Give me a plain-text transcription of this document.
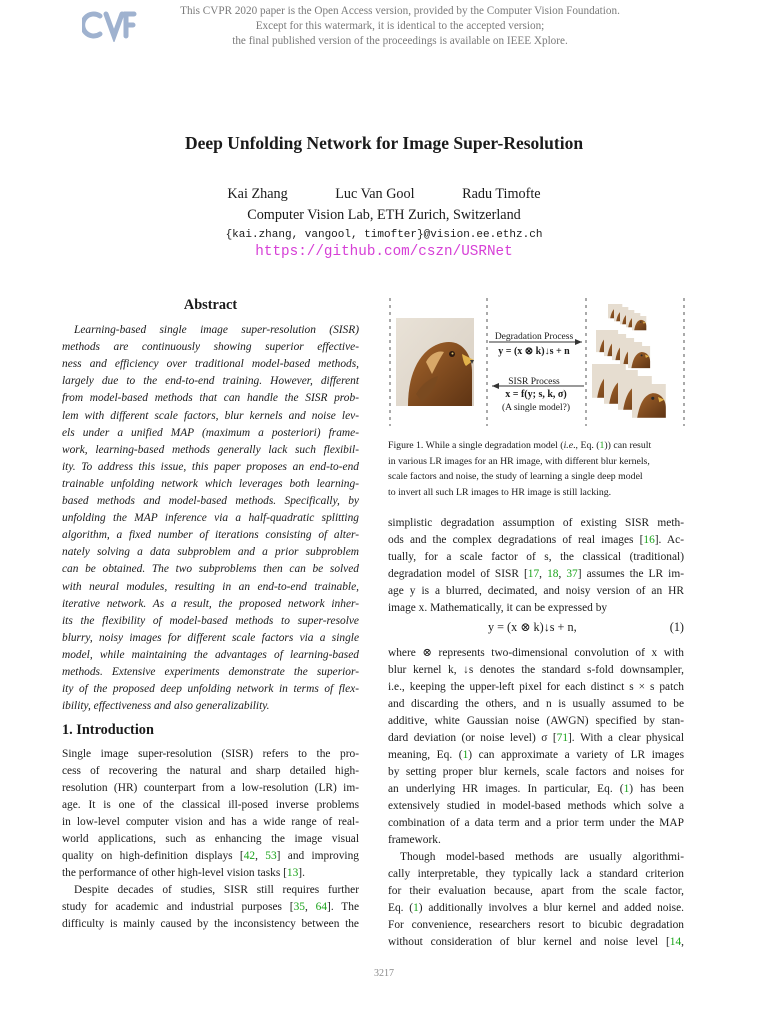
This CVPR 2020 paper is the Open Access version, provided by the Computer Vision Foundation.
Except for this watermark, it is identical to the accepted version;
the final published version of the proceedings is available on IEEE Xplore.
Deep Unfolding Network for Image Super-Resolution
Kai Zhang	Luc Van Gool	Radu Timofte
Computer Vision Lab, ETH Zurich, Switzerland
{kai.zhang, vangool, timofter}@vision.ee.ethz.ch
https://github.com/cszn/USRNet
Abstract
Learning-based single image super-resolution (SISR)
methods are continuously showing superior effective-
ness and efficiency over traditional model-based methods,
largely due to the end-to-end training. However, different
from model-based methods that can handle the SISR prob-
lem with different scale factors, blur kernels and noise lev-
els under a unified MAP (maximum a posteriori) frame-
work, learning-based methods generally lack such flexibil-
ity. To address this issue, this paper proposes an end-to-end
trainable unfolding network which leverages both learning-
based methods and model-based methods. Specifically, by
unfolding the MAP inference via a half-quadratic splitting
algorithm, a fixed number of iterations consisting of alter-
nately solving a data subproblem and a prior subproblem
can be obtained. The two subproblems then can be solved
with neural modules, resulting in an end-to-end trainable,
iterative network. As a result, the proposed network inher-
its the flexibility of model-based methods to super-resolve
blurry, noisy images for different scale factors via a single
model, while maintaining the advantages of learning-based
methods. Extensive experiments demonstrate the superior-
ity of the proposed deep unfolding network in terms of flex-
ibility, effectiveness and also generalizability.
1. Introduction
Single image super-resolution (SISR) refers to the pro-
cess of recovering the natural and sharp detailed high-
resolution (HR) counterpart from a low-resolution (LR) im-
age. It is one of the classical ill-posed inverse problems
in low-level computer vision and has a wide range of real-
world applications, such as enhancing the image visual
quality on high-definition displays [42, 53] and improving
the performance of other high-level vision tasks [13].
Despite decades of studies, SISR still requires further
study for academic and industrial purposes [35, 64]. The
difficulty is mainly caused by the inconsistency between the
Degradation Process
y = (x ⊗ k)↓s + n
SISR Process
x = f(y; s, k, σ)
(A single model?)
Figure 1. While a single degradation model (i.e., Eq. (1)) can result
in various LR images for an HR image, with different blur kernels,
scale factors and noise, the study of learning a single deep model
to invert all such LR images to HR image is still lacking.
simplistic degradation assumption of existing SISR meth-
ods and the complex degradations of real images [16]. Ac-
tually, for a scale factor of s, the classical (traditional)
degradation model of SISR [17, 18, 37] assumes the LR im-
age y is a blurred, decimated, and noisy version of an HR
image x. Mathematically, it can be expressed by
y = (x ⊗ k)↓s + n,	(1)
where ⊗ represents two-dimensional convolution of x with
blur kernel k, ↓s denotes the standard s-fold downsampler,
i.e., keeping the upper-left pixel for each distinct s × s patch
and discarding the others, and n is usually assumed to be
additive, white Gaussian noise (AWGN) specified by stan-
dard deviation (or noise level) σ [71]. With a clear physical
meaning, Eq. (1) can approximate a variety of LR images
by setting proper blur kernels, scale factors and noises for
an underlying HR images. In particular, Eq. (1) has been
extensively studied in model-based methods which solve a
combination of a data term and a prior term under the MAP
framework.
Though model-based methods are usually algorithmi-
cally interpretable, they typically lack a standard criterion
for their evaluation because, apart from the scale factor,
Eq. (1) additionally involves a blur kernel and added noise.
For convenience, researchers resort to bicubic degradation
without consideration of blur kernel and noise level [14,
3217
